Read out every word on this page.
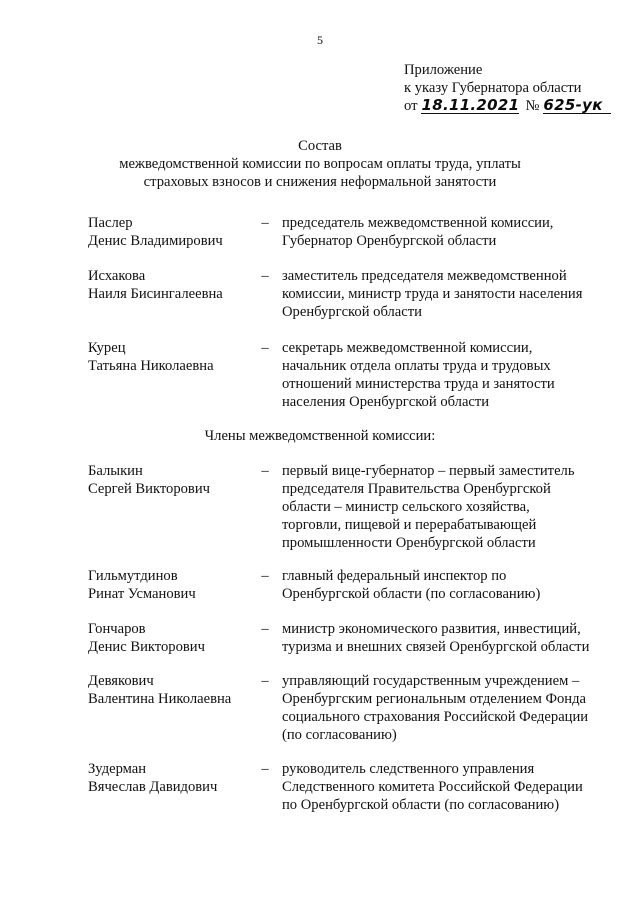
5
Приложение
к указу Губернатора области
от 18.11.2021 № 625-ук
Состав
межведомственной комиссии по вопросам оплаты труда, уплаты
страховых взносов и снижения неформальной занятости
Паслер
Денис Владимирович
– председатель межведомственной комиссии,
Губернатор Оренбургской области
Исхакова
Наиля Бисингалеевна
– заместитель председателя межведомственной
комиссии, министр труда и занятости населения
Оренбургской области
Курец
Татьяна Николаевна
– секретарь межведомственной комиссии,
начальник отдела оплаты труда и трудовых
отношений министерства труда и занятости
населения Оренбургской области
Члены межведомственной комиссии:
Балыкин
Сергей Викторович
– первый вице-губернатор – первый заместитель
председателя Правительства Оренбургской
области – министр сельского хозяйства,
торговли, пищевой и перерабатывающей
промышленности Оренбургской области
Гильмутдинов
Ринат Усманович
– главный федеральный инспектор по
Оренбургской области (по согласованию)
Гончаров
Денис Викторович
– министр экономического развития, инвестиций,
туризма и внешних связей Оренбургской области
Девякович
Валентина Николаевна
– управляющий государственным учреждением –
Оренбургским региональным отделением Фонда
социального страхования Российской Федерации
(по согласованию)
Зудерман
Вячеслав Давидович
– руководитель следственного управления
Следственного комитета Российской Федерации
по Оренбургской области (по согласованию)
